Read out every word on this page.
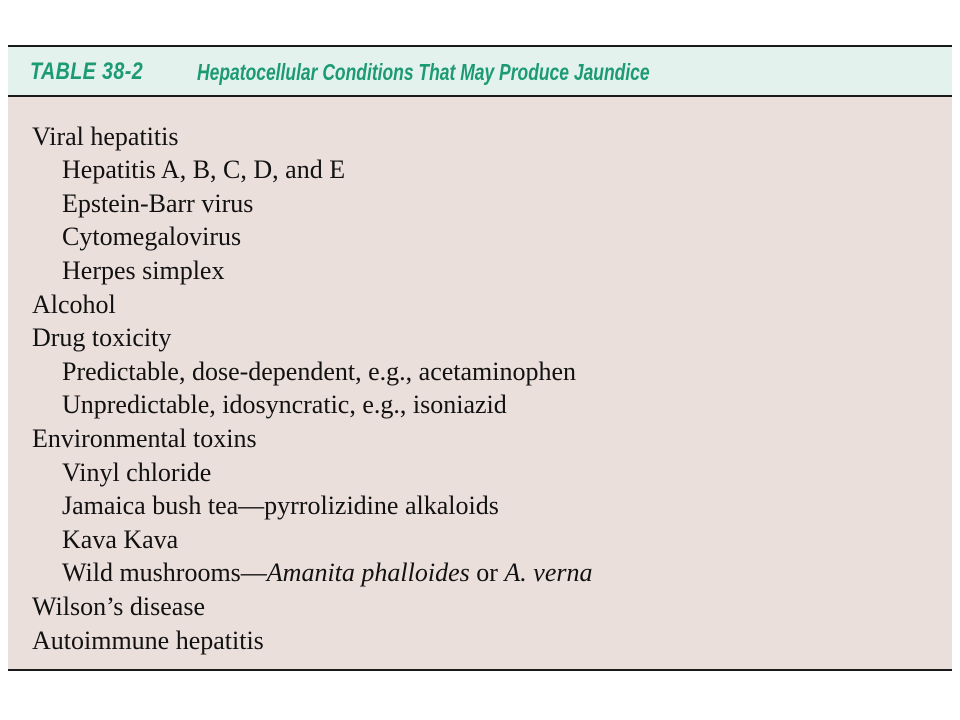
TABLE 38-2 Hepatocellular Conditions That May Produce Jaundice
Viral hepatitis
Hepatitis A, B, C, D, and E
Epstein-Barr virus
Cytomegalovirus
Herpes simplex
Alcohol
Drug toxicity
Predictable, dose-dependent, e.g., acetaminophen
Unpredictable, idosyncratic, e.g., isoniazid
Environmental toxins
Vinyl chloride
Jamaica bush tea—pyrrolizidine alkaloids
Kava Kava
Wild mushrooms—Amanita phalloides or A. verna
Wilson’s disease
Autoimmune hepatitis
